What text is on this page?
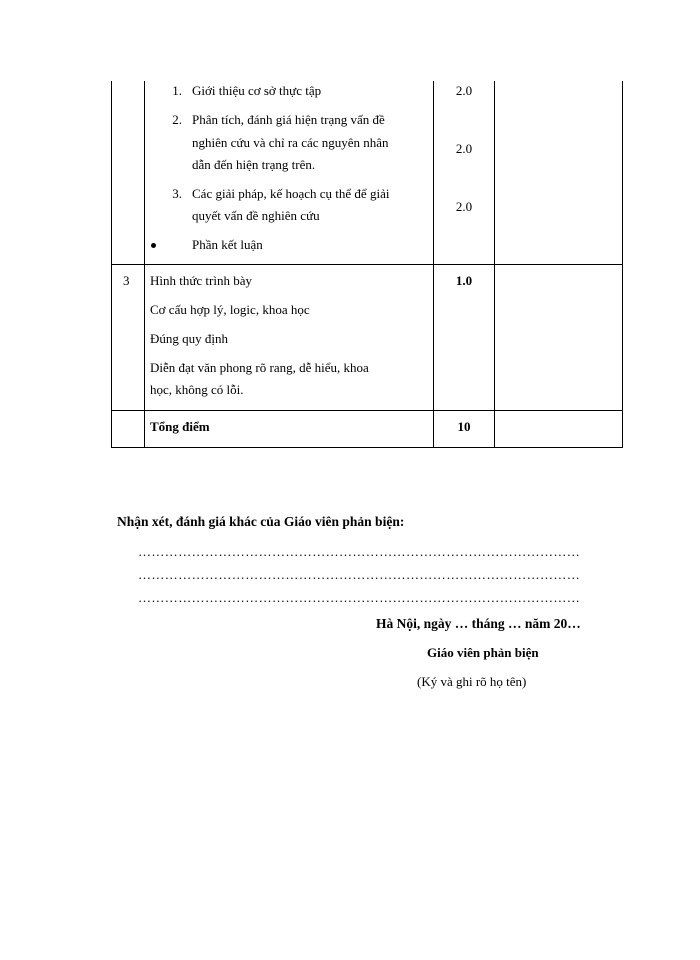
1. Giới thiệu cơ sở thực tập	2.0
2. Phân tích, đánh giá hiện trạng vấn đề
nghiên cứu và chỉ ra các nguyên nhân
dẫn đến hiện trạng trên.
2.0
3. Các giải pháp, kế hoạch cụ thể để giải
quyết vấn đề nghiên cứu
2.0
Phần kết luận
3 Hình thức trình bày	1.0
Cơ cấu hợp lý, logic, khoa học
Đúng quy định
Diễn đạt văn phong rõ rang, dễ hiểu, khoa
học, không có lỗi.
Tổng điểm	10
Nhận xét, đánh giá khác của Giáo viên phản biện:
………………………………………………………………………………………
………………………………………………………………………………………
………………………………………………………………………………………
Hà Nội, ngày … tháng … năm 20…
Giáo viên phản biện
(Ký và ghi rõ họ tên)
